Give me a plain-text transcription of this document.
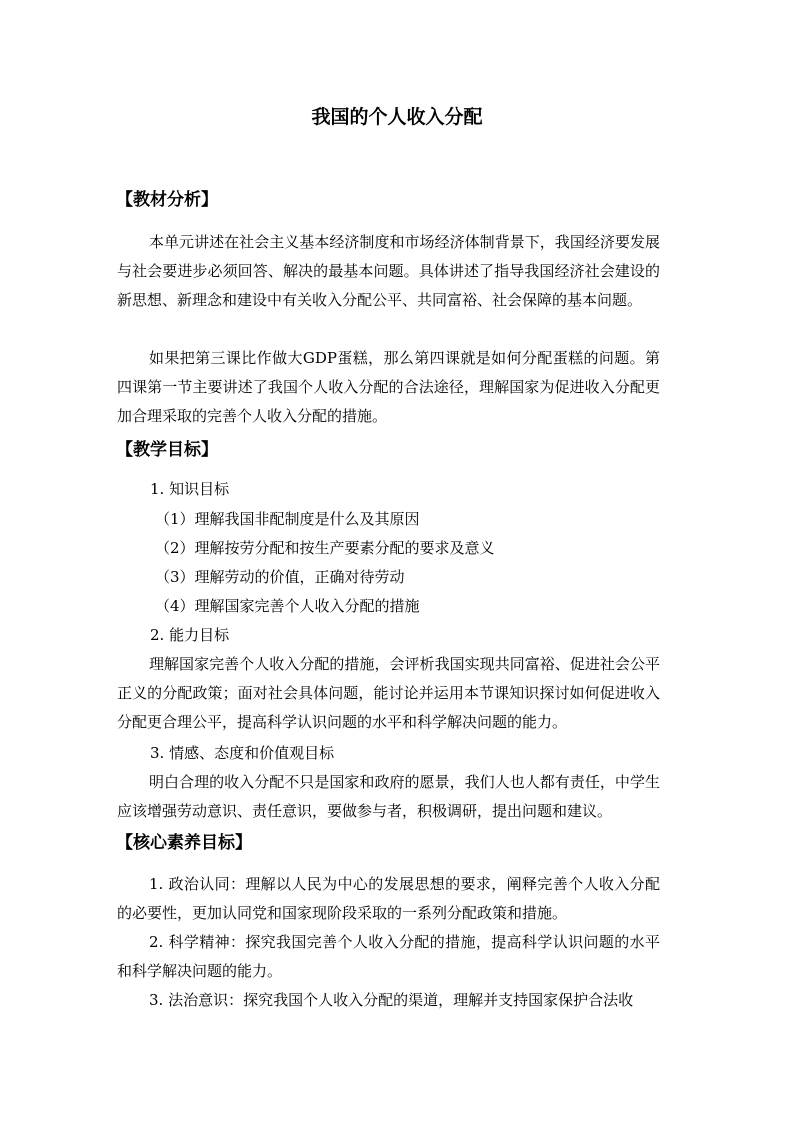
我国的个人收入分配
【教材分析】
本单元讲述在社会主义基本经济制度和市场经济体制背景下，我国经济要发展与社会要进步必须回答、解决的最基本问题。具体讲述了指导我国经济社会建设的新思想、新理念和建设中有关收入分配公平、共同富裕、社会保障的基本问题。
如果把第三课比作做大GDP蛋糕，那么第四课就是如何分配蛋糕的问题。第四课第一节主要讲述了我国个人收入分配的合法途径，理解国家为促进收入分配更加合理采取的完善个人收入分配的措施。
【教学目标】
1. 知识目标
（1）理解我国非配制度是什么及其原因
（2）理解按劳分配和按生产要素分配的要求及意义
（3）理解劳动的价值，正确对待劳动
（4）理解国家完善个人收入分配的措施
2. 能力目标
理解国家完善个人收入分配的措施，会评析我国实现共同富裕、促进社会公平正义的分配政策；面对社会具体问题，能讨论并运用本节课知识探讨如何促进收入分配更合理公平，提高科学认识问题的水平和科学解决问题的能力。
3. 情感、态度和价值观目标
明白合理的收入分配不只是国家和政府的愿景，我们人也人都有责任，中学生应该增强劳动意识、责任意识，要做参与者，积极调研，提出问题和建议。
【核心素养目标】
1. 政治认同：理解以人民为中心的发展思想的要求，阐释完善个人收入分配的必要性，更加认同党和国家现阶段采取的一系列分配政策和措施。
2. 科学精神：探究我国完善个人收入分配的措施，提高科学认识问题的水平和科学解决问题的能力。
3. 法治意识：探究我国个人收入分配的渠道，理解并支持国家保护合法收
